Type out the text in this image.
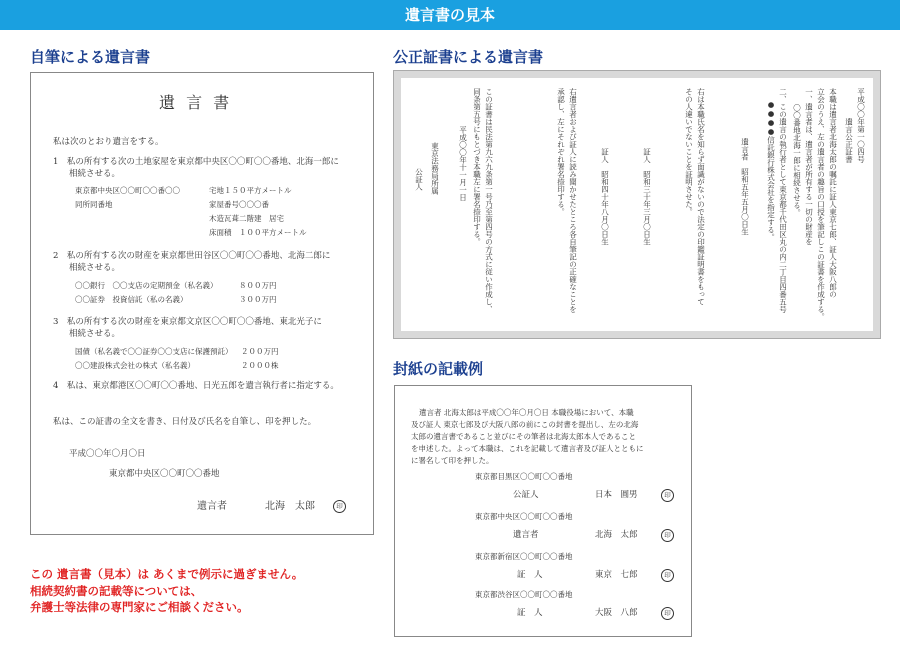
遺言書の見本
自筆による遺言書
遺 言 書
私は次のとおり遺言をする。
1　私の所有する次の土地家屋を東京都中央区〇〇町〇〇番地、北海一郎に
相続させる。
東京都中央区〇〇町〇〇番〇〇	宅地１５０平方メートル
同所同番地	家屋番号〇〇〇番
木造瓦葺二階建　居宅
床面積　１００平方メートル
2　私の所有する次の財産を東京都世田谷区〇〇町〇〇番地、北海二郎に
相続させる。
〇〇銀行　〇〇支店の定期預金（私名義）	８００万円
〇〇証券　投資信託（私の名義）	３００万円
3　私の所有する次の財産を東京都文京区〇〇町〇〇番地、東北光子に
相続させる。
国債（私名義で〇〇証券〇〇支店に保護預託） ２００万円
〇〇建設株式会社の株式（私名義）	２０００株
4　私は、東京都港区〇〇町〇〇番地、日光五郎を遺言執行者に指定する。
私は、この証書の全文を書き、日付及び氏名を自筆し、印を押した。
平成〇〇年〇月〇日
東京都中央区〇〇町〇〇番地
遺言者	北海　太郎	印
この 遺言書（見本）は あくまで例示に過ぎません。
相続契約書の記載等については、
弁護士等法律の専門家にご相談ください。
公正証書による遺言書
平成〇〇年第一〇四号
遺言公正証書
本職は遺言者北海太郎の嘱託に証人東京七郎、証人大阪八郎の
立会のうえ、左の遺言者の趣旨の口授を筆記しこの証書を作成する。
一、遺言者は、遺言者が所有する一切の財産を
〇〇番地北海一郎に相続させる。
二、この遺言の執行者として東京都千代田区丸の内二丁目四番五号
●●●●信託銀行株式会社を指定する。
遺言者　昭和五年五月〇日生
右は本職氏名を知らず面識がないので法定の印鑑証明書をもって
その人違いでないことを証明させた。
証人　昭和三十年三月〇日生
証人　昭和四十年八月〇日生
右遺言者および証人に読み聞かせたところ各自筆記の正確なことを
承認し、左にそれぞれ署名捺印する。
この証書は民法第九六九条第一号乃至第四号の方式に従い作成し、
同条第五号にもとづき本職左に署名捺印する。
平成〇〇年十一月一日
東京法務局所属
公証人
封紙の記載例
遺言者 北海太郎は平成〇〇年〇月〇日 本職役場において、本職
及び証人 東京七郎及び大阪八郎の前にこの封書を提出し、左の北海
太郎の遺言書であること並びにその筆者は北海太郎本人であること
を申述した。よって本職は、これを記載して遺言者及び証人とともに
に署名して印を押した。
東京都目黒区〇〇町〇〇番地
公証人	日本　圓男	印
東京都中央区〇〇町〇〇番地
遺言者	北海　太郎	印
東京都新宿区〇〇町〇〇番地
証　人	東京　七郎	印
東京都渋谷区〇〇町〇〇番地
証　人	大阪　八郎	印
